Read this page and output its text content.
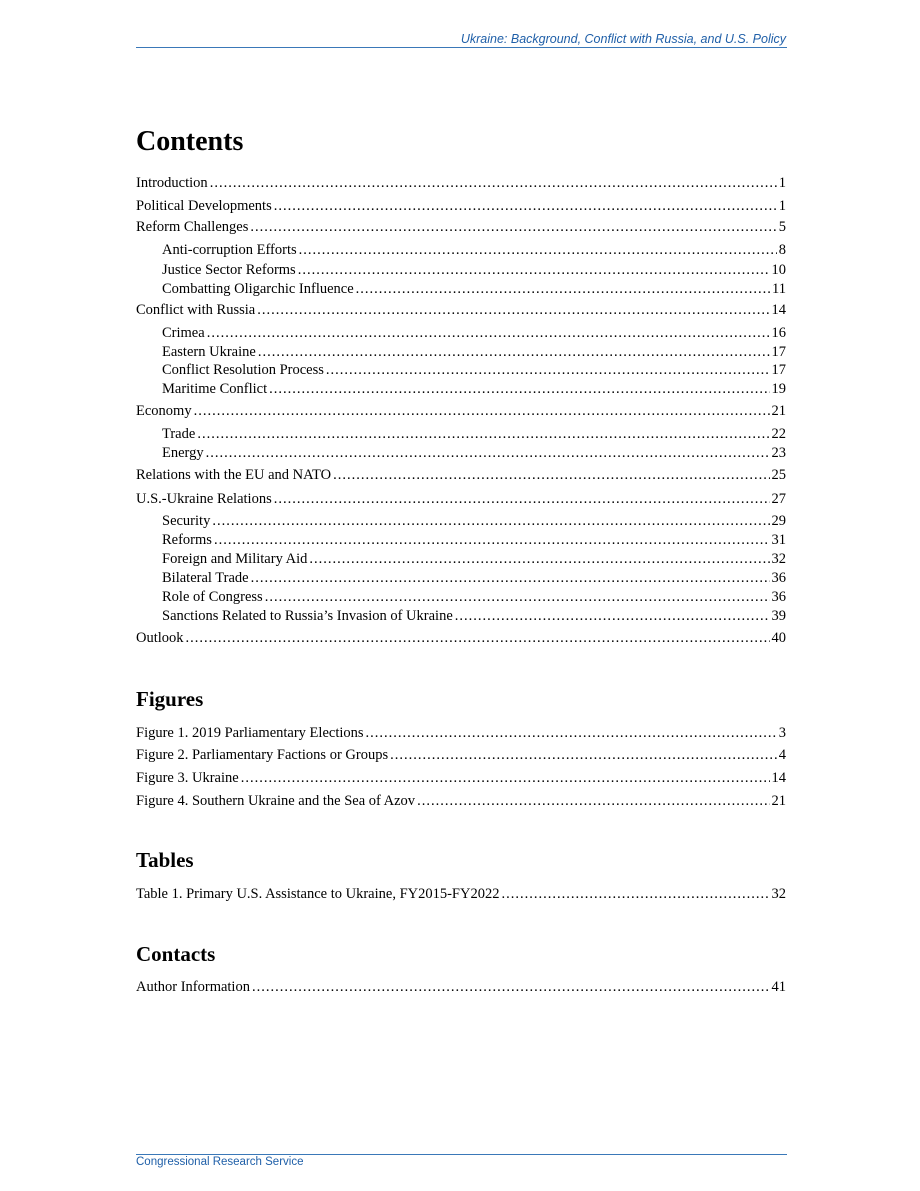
Ukraine: Background, Conflict with Russia, and U.S. Policy
Contents
Introduction .....	1
Political Developments .....	1
Reform Challenges .....	5
Anti-corruption Efforts .....	8
Justice Sector Reforms .....	10
Combatting Oligarchic Influence .....	11
Conflict with Russia .....	14
Crimea .....	16
Eastern Ukraine .....	17
Conflict Resolution Process .....	17
Maritime Conflict .....	19
Economy .....	21
Trade .....	22
Energy .....	23
Relations with the EU and NATO .....	25
U.S.-Ukraine Relations .....	27
Security .....	29
Reforms .....	31
Foreign and Military Aid .....	32
Bilateral Trade .....	36
Role of Congress .....	36
Sanctions Related to Russia’s Invasion of Ukraine .....	39
Outlook .....	40
Figures
Figure 1. 2019 Parliamentary Elections .....	3
Figure 2. Parliamentary Factions or Groups .....	4
Figure 3. Ukraine .....	14
Figure 4. Southern Ukraine and the Sea of Azov .....	21
Tables
Table 1. Primary U.S. Assistance to Ukraine, FY2015-FY2022 .....	32
Contacts
Author Information .....	41
Congressional Research Service
